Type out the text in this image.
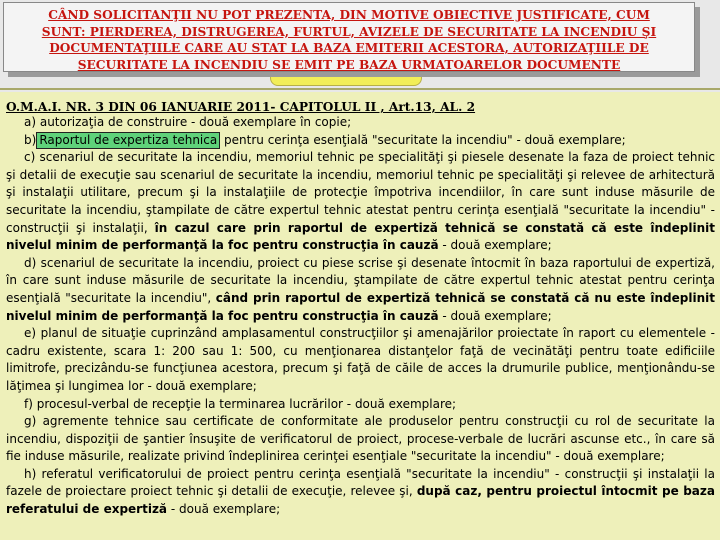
CÂND SOLICITANŢII NU POT PREZENTA, DIN MOTIVE OBIECTIVE JUSTIFICATE, CUM
SUNT: PIERDEREA, DISTRUGEREA, FURTUL, AVIZELE DE SECURITATE LA INCENDIU ŞI
DOCUMENTAŢIILE CARE AU STAT LA BAZA EMITERII ACESTORA, AUTORIZAŢIILE DE
SECURITATE LA INCENDIU SE EMIT PE BAZA URMATOARELOR DOCUMENTE
O.M.A.I. NR. 3 DIN 06 IANUARIE 2011- CAPITOLUL II , Art.13, AL. 2
a) autorizaţia de construire - două exemplare în copie;
b) Raportul de expertiza tehnica pentru cerinţa esenţială "securitate la incendiu" - două exemplare;
c) scenariul de securitate la incendiu, memoriul tehnic pe specialităţi şi piesele desenate la faza de proiect tehnic şi detalii de execuţie sau scenariul de securitate la incendiu, memoriul tehnic pe specialităţi şi relevee de arhitectură şi instalaţii utilitare, precum şi la instalaţiile de protecţie împotriva incendiilor, în care sunt induse măsurile de securitate la incendiu, ştampilate de către expertul tehnic atestat pentru cerinţa esenţială "securitate la incendiu" - construcţii şi instalaţii, în cazul care prin raportul de expertiză tehnică se constată că este îndeplinit nivelul minim de performanţă la foc pentru construcţia în cauză - două exemplare;
d) scenariul de securitate la incendiu, proiect cu piese scrise şi desenate întocmit în baza raportului de expertiză, în care sunt induse măsurile de securitate la incendiu, ştampilate de către expertul tehnic atestat pentru cerinţa esenţială "securitate la incendiu", când prin raportul de expertiză tehnică se constată că nu este îndeplinit nivelul minim de performanţă la foc pentru construcţia în cauză - două exemplare;
e) planul de situaţie cuprinzând amplasamentul construcţiilor şi amenajărilor proiectate în raport cu elementele -cadru existente, scara 1: 200 sau 1: 500, cu menţionarea distanţelor faţă de vecinătăţi pentru toate edificiile limitrofe, precizându-se funcţiunea acestora, precum şi faţă de căile de acces la drumurile publice, menţionându-se lăţimea şi lungimea lor - două exemplare;
f) procesul-verbal de recepţie la terminarea lucrărilor - două exemplare;
g) agremente tehnice sau certificate de conformitate ale produselor pentru construcţii cu rol de securitate la incendiu, dispoziţii de şantier însuşite de verificatorul de proiect, procese-verbale de lucrări ascunse etc., în care să fie induse măsurile, realizate privind îndeplinirea cerinţei esenţiale "securitate la incendiu" - două exemplare;
h) referatul verificatorului de proiect pentru cerinţa esenţială "securitate la incendiu" - construcţii şi instalaţii la fazele de proiectare proiect tehnic şi detalii de execuţie, relevee şi, după caz, pentru proiectul întocmit pe baza referatului de expertiză - două exemplare;
